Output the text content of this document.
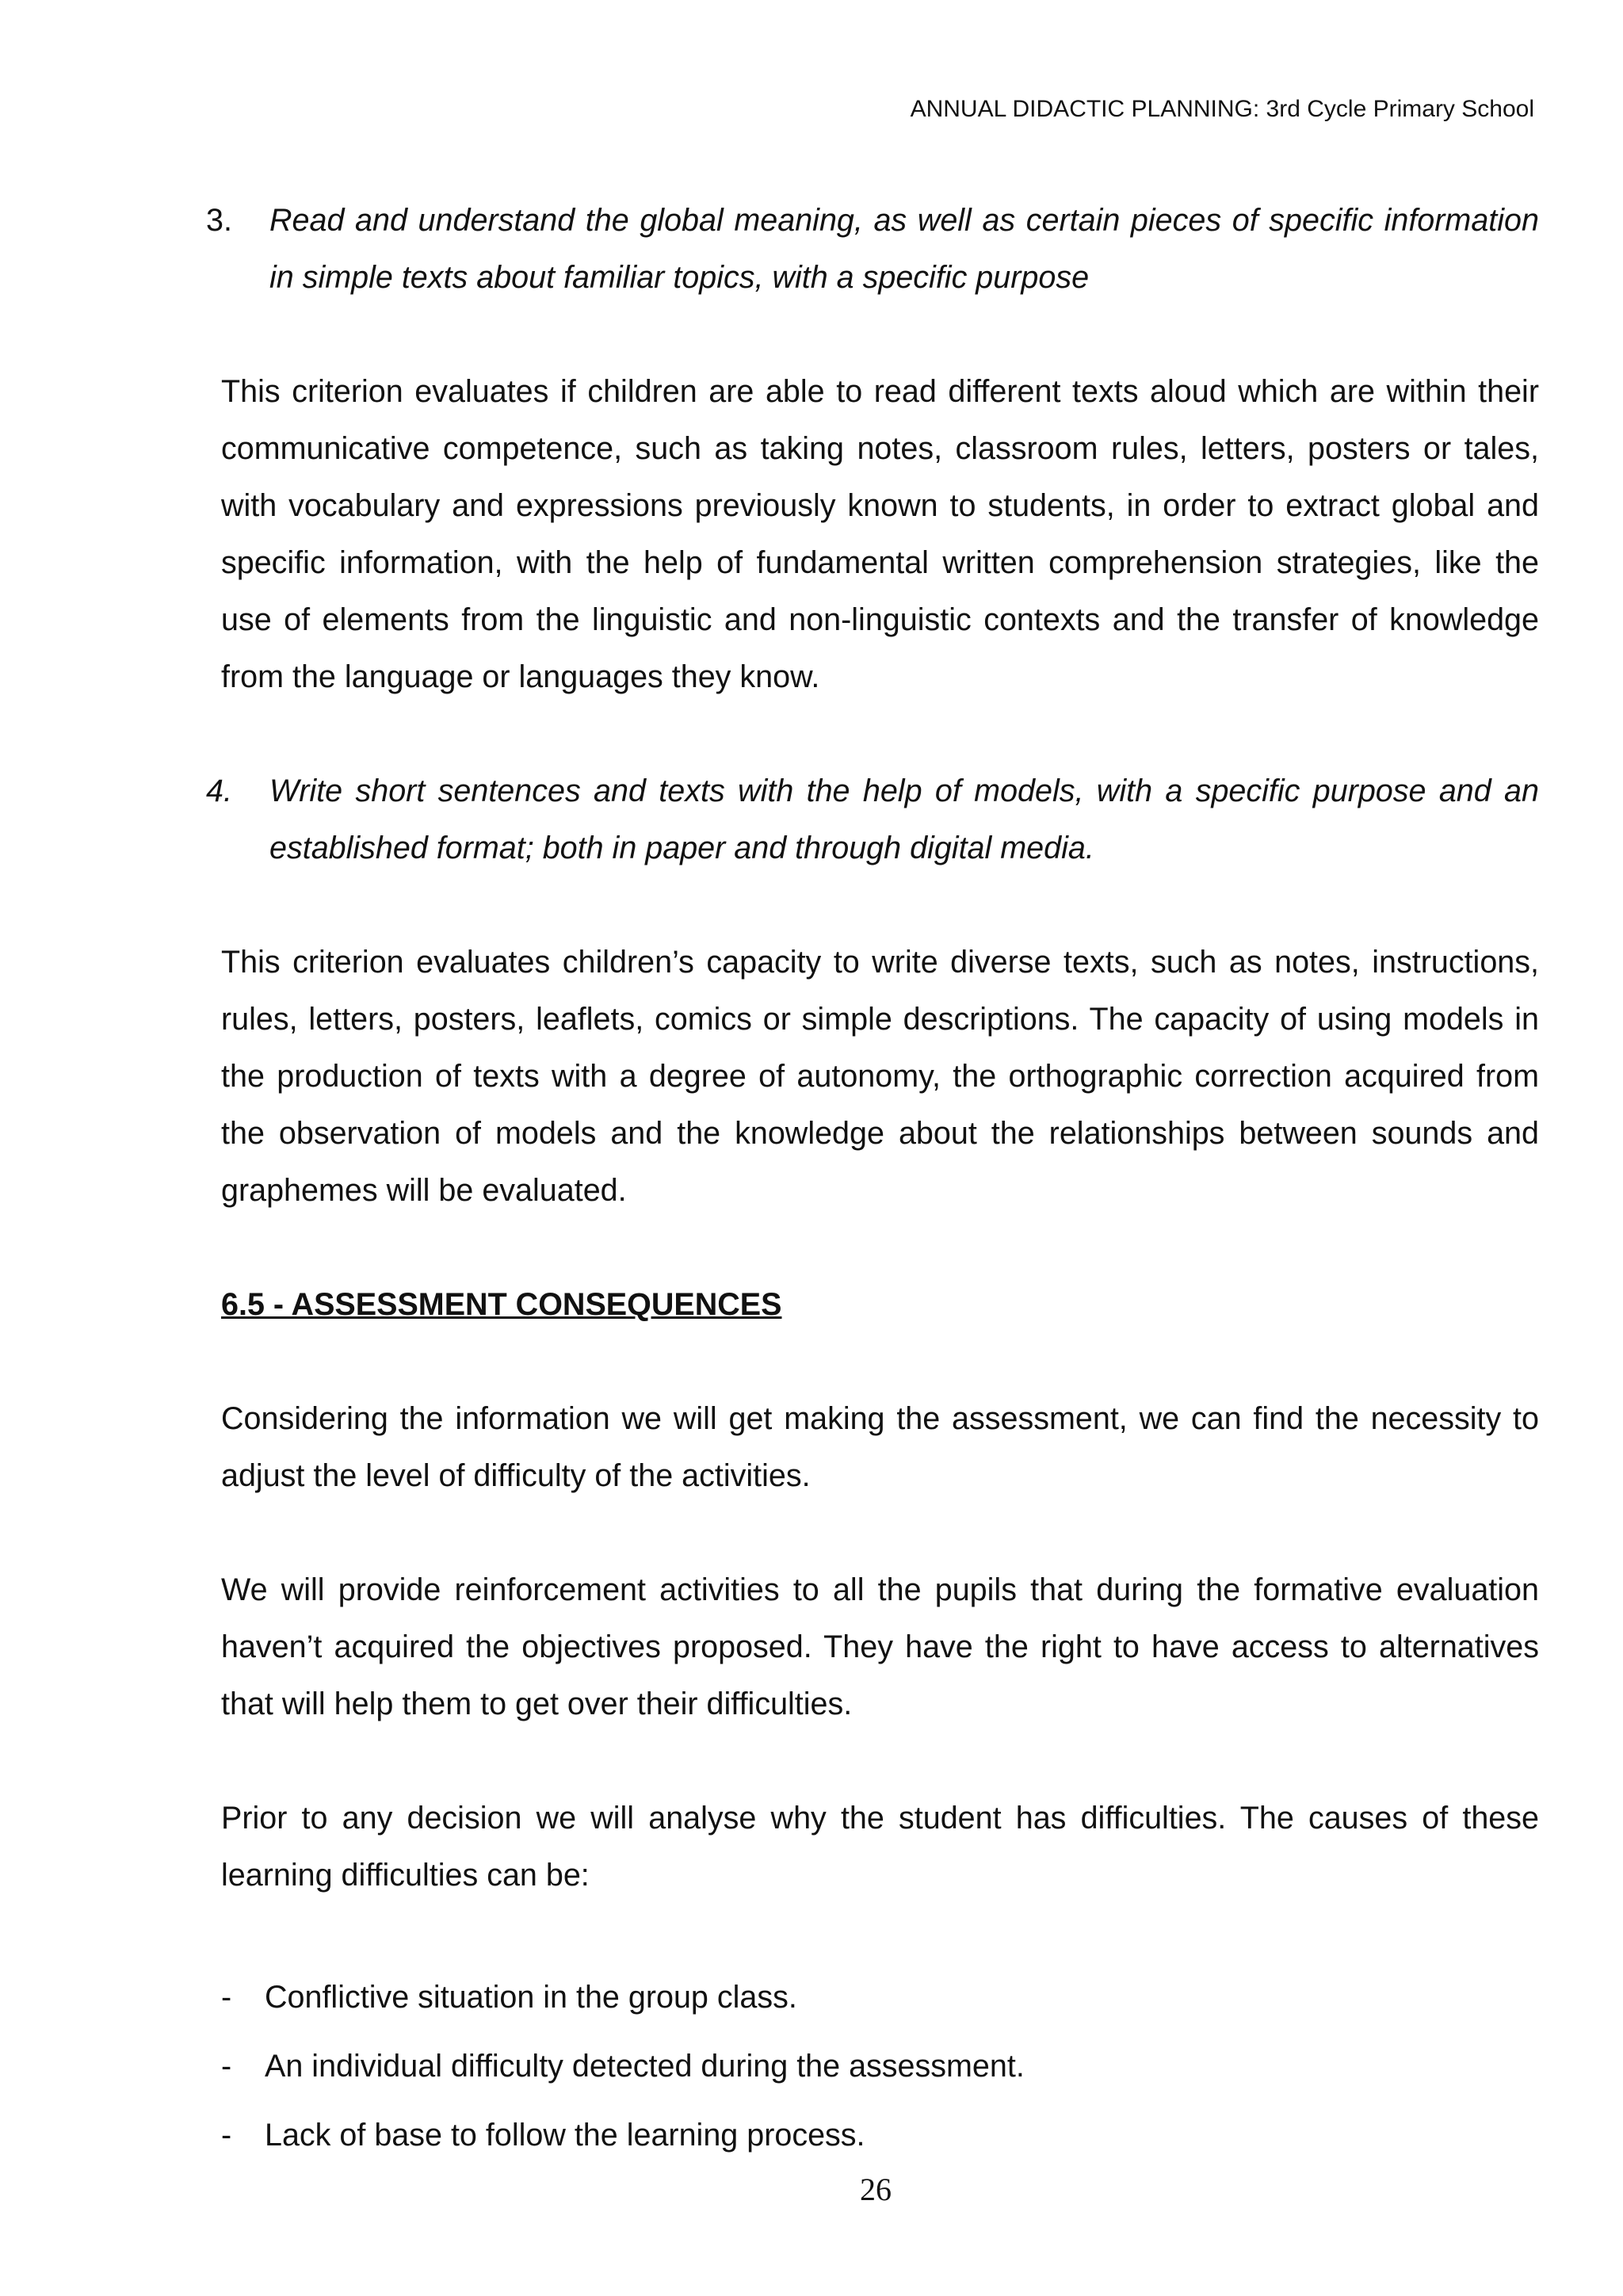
ANNUAL DIDACTIC PLANNING: 3rd Cycle Primary School

3. Read and understand the global meaning, as well as certain pieces of specific information in simple texts about familiar topics, with a specific purpose

This criterion evaluates if children are able to read different texts aloud which are within their communicative competence, such as taking notes, classroom rules, letters, posters or tales, with vocabulary and expressions previously known to students, in order to extract global and specific information, with the help of fundamental written comprehension strategies, like the use of elements from the linguistic and non-linguistic contexts and the transfer of knowledge from the language or languages they know.

4. Write short sentences and texts with the help of models, with a specific purpose and an established format; both in paper and through digital media.

This criterion evaluates children’s capacity to write diverse texts, such as notes, instructions, rules, letters, posters, leaflets, comics or simple descriptions. The capacity of using models in the production of texts with a degree of autonomy, the orthographic correction acquired from the observation of models and the knowledge about the relationships between sounds and graphemes will be evaluated.

6.5 - ASSESSMENT CONSEQUENCES

Considering the information we will get making the assessment, we can find the necessity to adjust the level of difficulty of the activities.

We will provide reinforcement activities to all the pupils that during the formative evaluation haven’t acquired the objectives proposed. They have the right to have access to alternatives that will help them to get over their difficulties.

Prior to any decision we will analyse why the student has difficulties. The causes of these learning difficulties can be:

- Conflictive situation in the group class.
- An individual difficulty detected during the assessment.
- Lack of base to follow the learning process.
26
